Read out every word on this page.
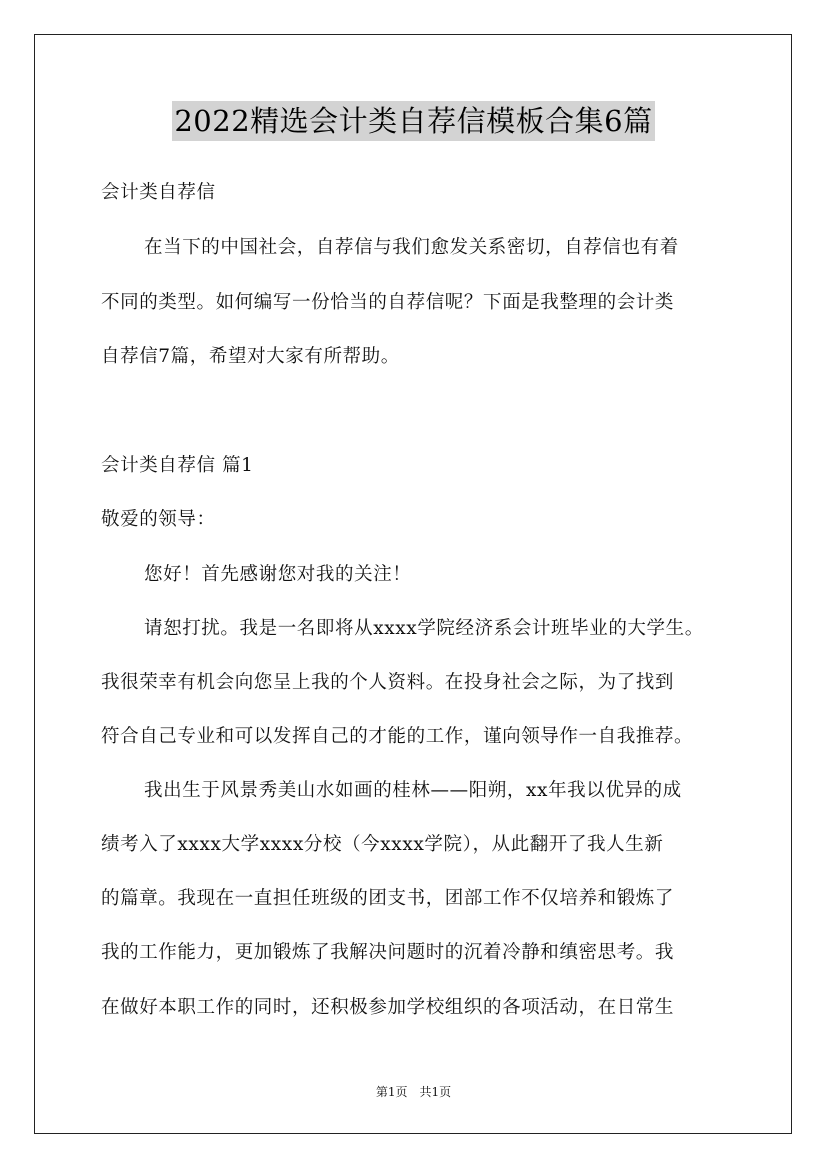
2022精选会计类自荐信模板合集6篇
会计类自荐信
在当下的中国社会，自荐信与我们愈发关系密切，自荐信也有着
不同的类型。如何编写一份恰当的自荐信呢？下面是我整理的会计类
自荐信7篇，希望对大家有所帮助。
会计类自荐信 篇1
敬爱的领导：
您好！首先感谢您对我的关注！
请恕打扰。我是一名即将从xxxx学院经济系会计班毕业的大学生。
我很荣幸有机会向您呈上我的个人资料。在投身社会之际，为了找到
符合自己专业和可以发挥自己的才能的工作，谨向领导作一自我推荐。
我出生于风景秀美山水如画的桂林——阳朔，xx年我以优异的成
绩考入了xxxx大学xxxx分校（今xxxx学院），从此翻开了我人生新
的篇章。我现在一直担任班级的团支书，团部工作不仅培养和锻炼了
我的工作能力，更加锻炼了我解决问题时的沉着冷静和缜密思考。我
在做好本职工作的同时，还积极参加学校组织的各项活动，在日常生
第1页　共1页
